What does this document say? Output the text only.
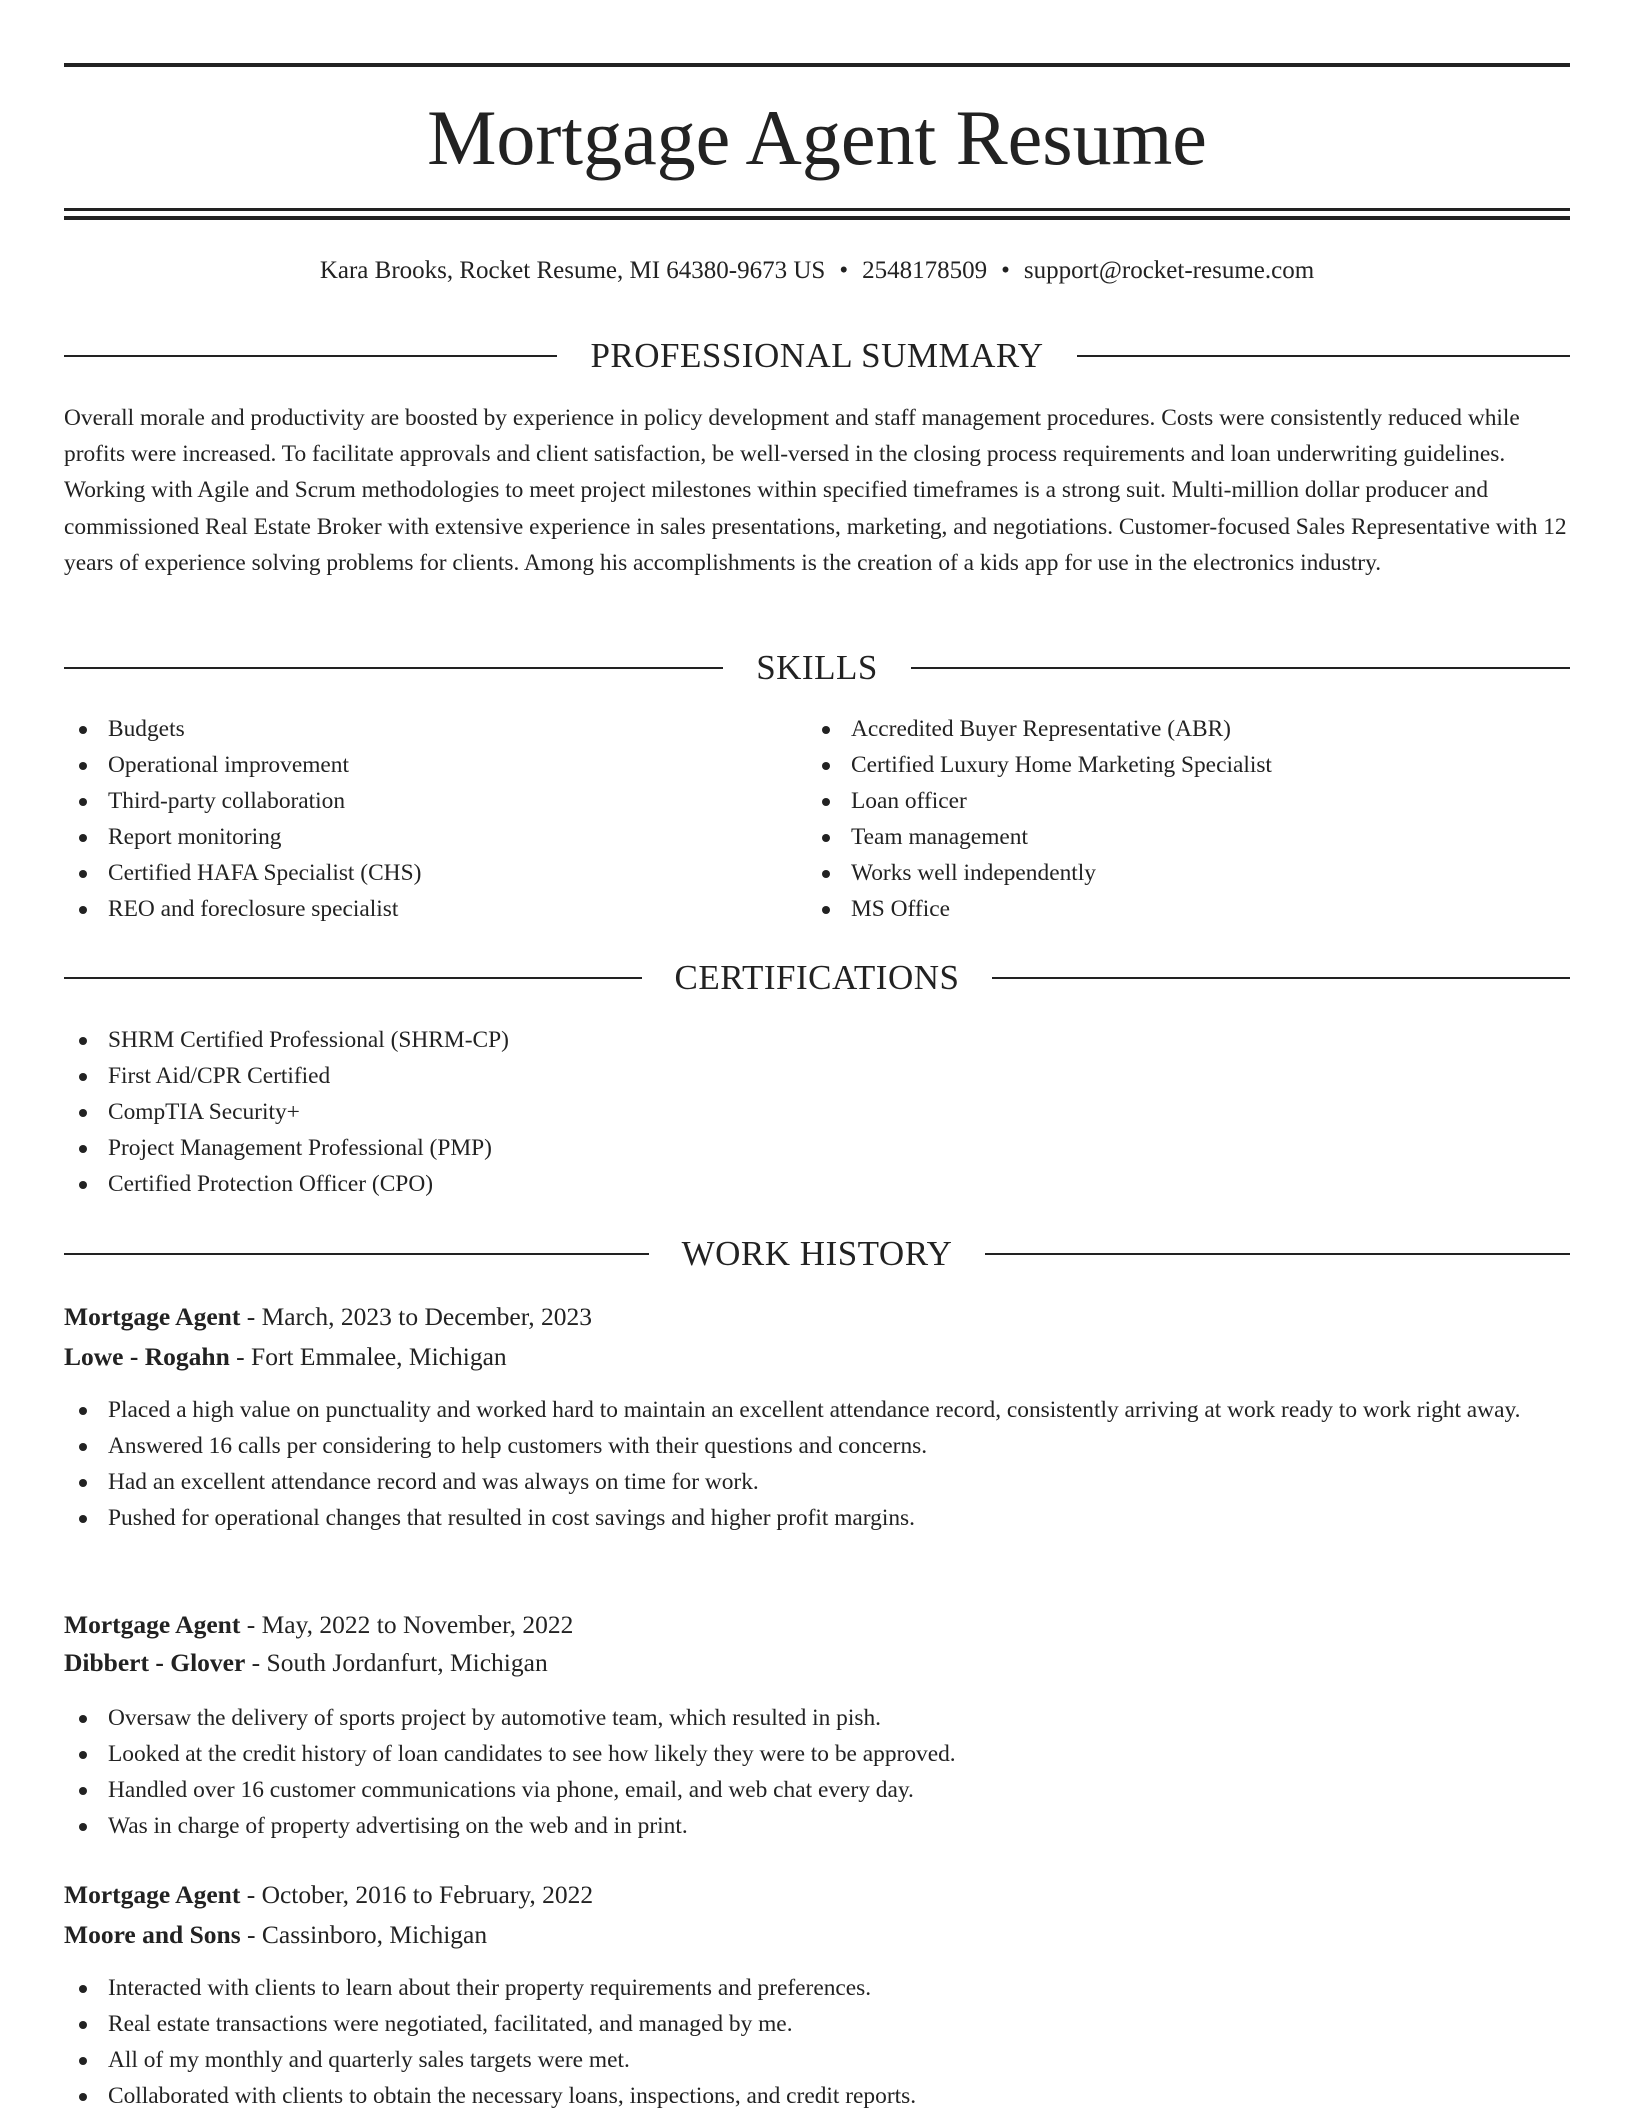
Mortgage Agent Resume
Kara Brooks, Rocket Resume, MI 64380-9673 US • 2548178509 • support@rocket-resume.com
PROFESSIONAL SUMMARY

Overall morale and productivity are boosted by experience in policy development and staff management procedures. Costs were consistently reduced while profits were increased. To facilitate approvals and client satisfaction, be well-versed in the closing process requirements and loan underwriting guidelines. Working with Agile and Scrum methodologies to meet project milestones within specified timeframes is a strong suit. Multi-million dollar producer and commissioned Real Estate Broker with extensive experience in sales presentations, marketing, and negotiations. Customer-focused Sales Representative with 12 years of experience solving problems for clients. Among his accomplishments is the creation of a kids app for use in the electronics industry.

SKILLS
Budgets
Operational improvement
Third-party collaboration
Report monitoring
Certified HAFA Specialist (CHS)
REO and foreclosure specialist
Accredited Buyer Representative (ABR)
Certified Luxury Home Marketing Specialist
Loan officer
Team management
Works well independently
MS Office
CERTIFICATIONS
SHRM Certified Professional (SHRM-CP)
First Aid/CPR Certified
CompTIA Security+
Project Management Professional (PMP)
Certified Protection Officer (CPO)
WORK HISTORY
Mortgage Agent - March, 2023 to December, 2023
Lowe - Rogahn - Fort Emmalee, Michigan
Placed a high value on punctuality and worked hard to maintain an excellent attendance record, consistently arriving at work ready to work right away.
Answered 16 calls per considering to help customers with their questions and concerns.
Had an excellent attendance record and was always on time for work.
Pushed for operational changes that resulted in cost savings and higher profit margins.
Mortgage Agent - May, 2022 to November, 2022
Dibbert - Glover - South Jordanfurt, Michigan
Oversaw the delivery of sports project by automotive team, which resulted in pish.
Looked at the credit history of loan candidates to see how likely they were to be approved.
Handled over 16 customer communications via phone, email, and web chat every day.
Was in charge of property advertising on the web and in print.
Mortgage Agent - October, 2016 to February, 2022
Moore and Sons - Cassinboro, Michigan
Interacted with clients to learn about their property requirements and preferences.
Real estate transactions were negotiated, facilitated, and managed by me.
All of my monthly and quarterly sales targets were met.
Collaborated with clients to obtain the necessary loans, inspections, and credit reports.
